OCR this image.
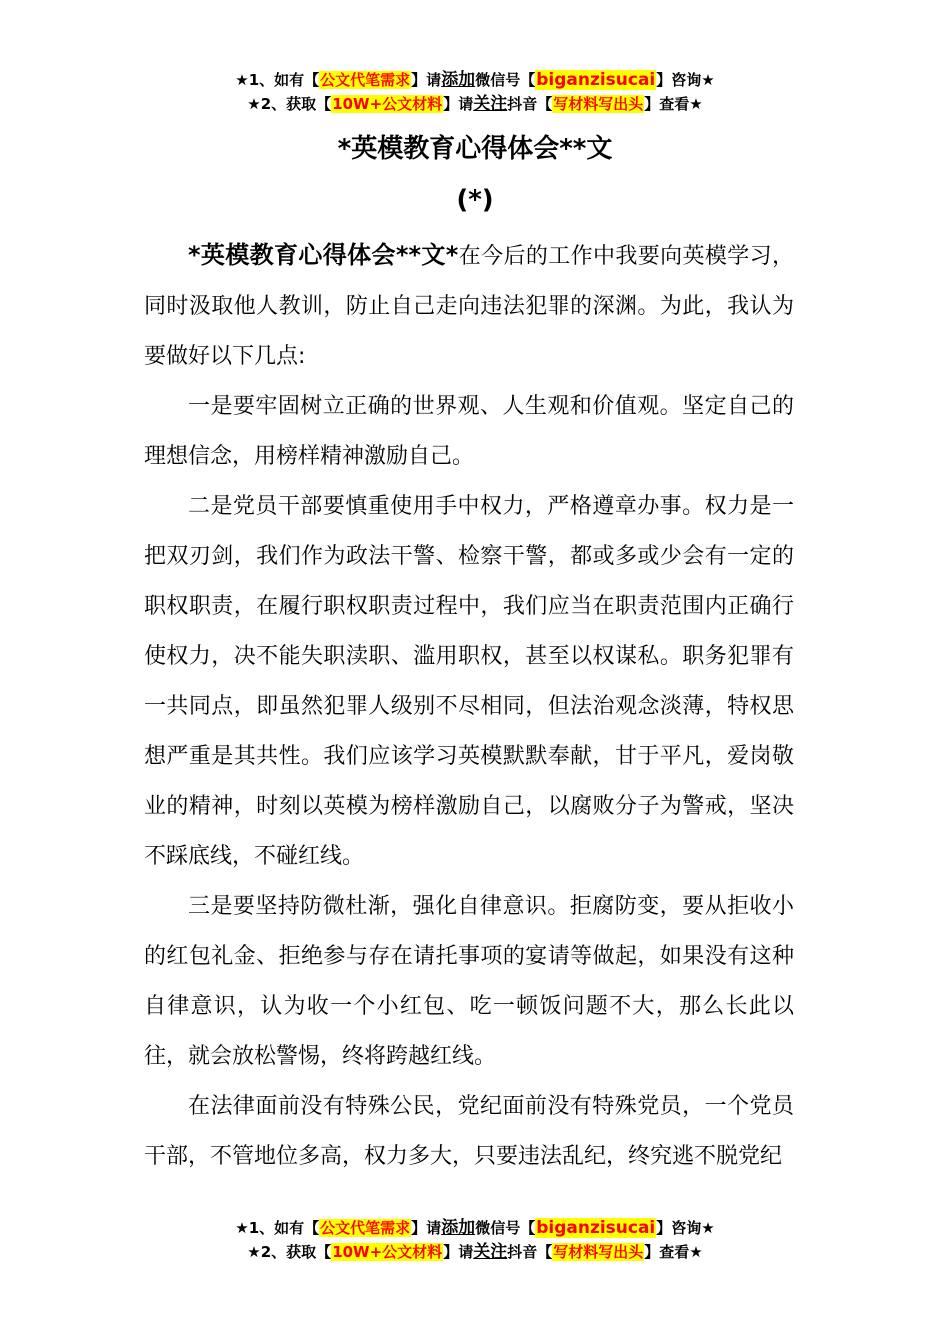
★1、如有【公文代笔需求】请添加微信号【biganzisucai】咨询★
★2、获取【10W+公文材料】请关注抖音【写材料写出头】查看★
*英模教育心得体会**文
(*)

*英模教育心得体会**文*在今后的工作中我要向英模学习，同时汲取他人教训，防止自己走向违法犯罪的深渊。为此，我认为要做好以下几点:

一是要牢固树立正确的世界观、人生观和价值观。坚定自己的理想信念，用榜样精神激励自己。

二是党员干部要慎重使用手中权力，严格遵章办事。权力是一把双刃剑，我们作为政法干警、检察干警，都或多或少会有一定的职权职责，在履行职权职责过程中，我们应当在职责范围内正确行使权力，决不能失职渎职、滥用职权，甚至以权谋私。职务犯罪有一共同点，即虽然犯罪人级别不尽相同，但法治观念淡薄，特权思想严重是其共性。我们应该学习英模默默奉献，甘于平凡，爱岗敬业的精神，时刻以英模为榜样激励自己，以腐败分子为警戒，坚决不踩底线，不碰红线。

三是要坚持防微杜渐，强化自律意识。拒腐防变，要从拒收小的红包礼金、拒绝参与存在请托事项的宴请等做起，如果没有这种自律意识，认为收一个小红包、吃一顿饭问题不大，那么长此以往，就会放松警惕，终将跨越红线。

在法律面前没有特殊公民，党纪面前没有特殊党员，一个党员干部，不管地位多高，权力多大，只要违法乱纪，终究逃不脱党纪

★1、如有【公文代笔需求】请添加微信号【biganzisucai】咨询★
★2、获取【10W+公文材料】请关注抖音【写材料写出头】查看★
